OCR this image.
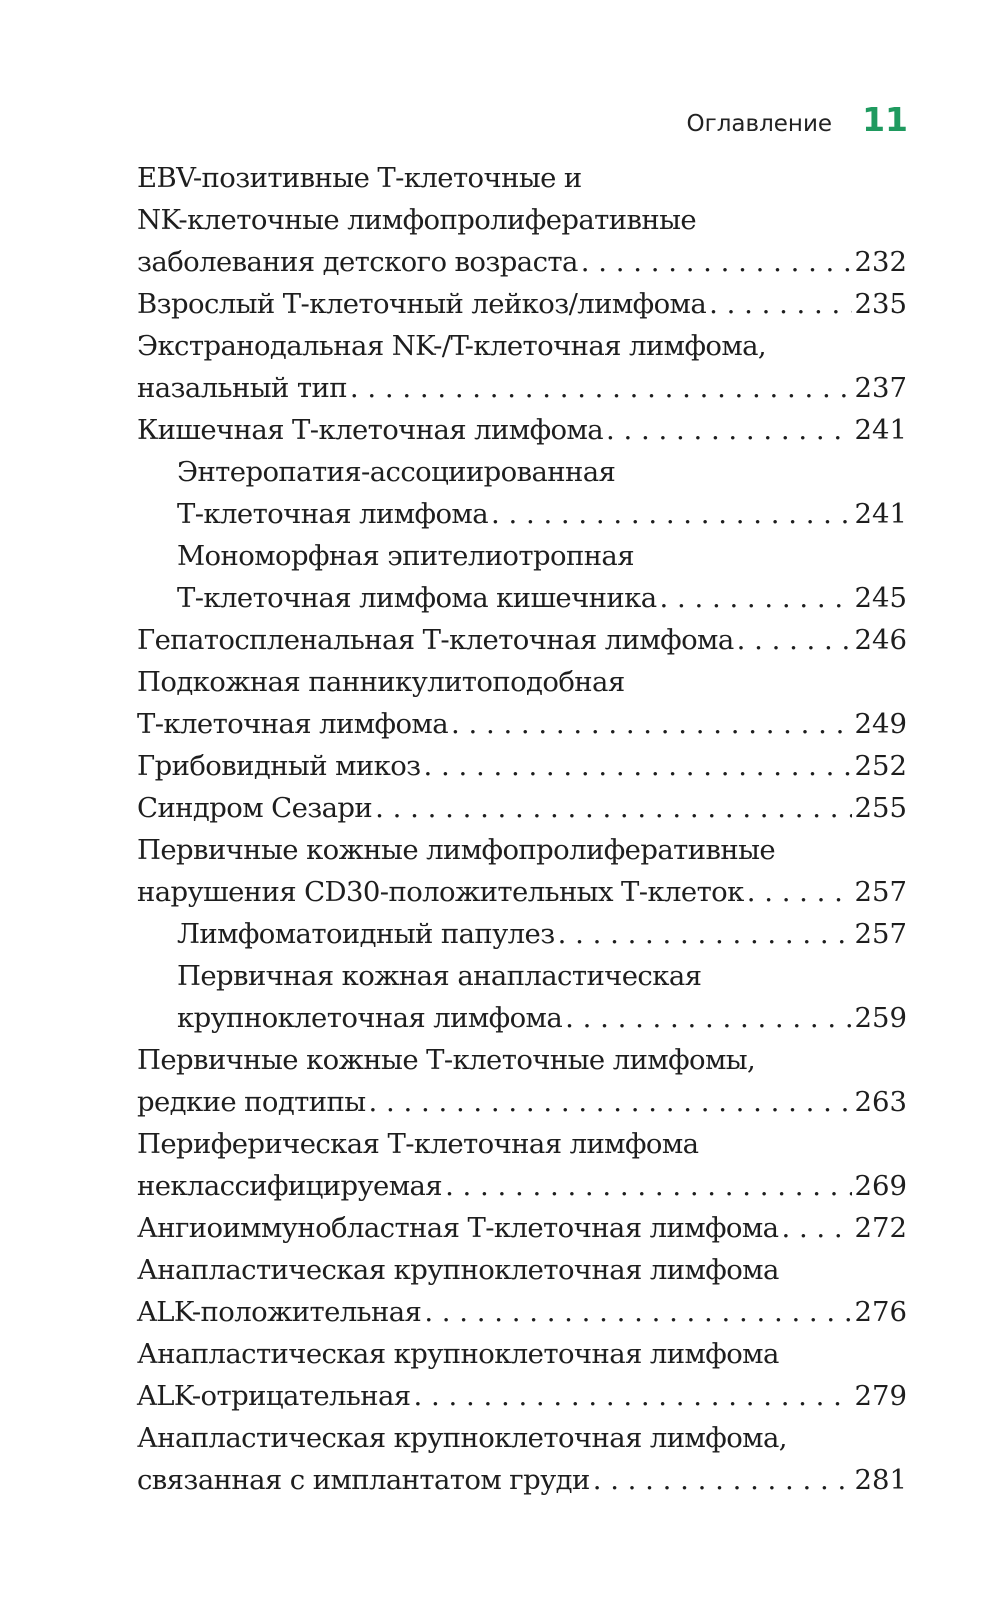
Оглавление 11
EBV-позитивные Т-клеточные и
NK-клеточные лимфопролиферативные
заболевания детского возраста . . .	232
Взрослый Т-клеточный лейкоз/лимфома . . .	235
Экстранодальная NK-/T-клеточная лимфома,
назальный тип . . .	237
Кишечная Т-клеточная лимфома . . .	241
Энтеропатия-ассоциированная
Т-клеточная лимфома . . .	241
Мономорфная эпителиотропная
Т-клеточная лимфома кишечника . . .	245
Гепатоспленальная Т-клеточная лимфома . . .	246
Подкожная панникулитоподобная
Т-клеточная лимфома . . .	249
Грибовидный микоз . . .	252
Синдром Сезари . . .	255
Первичные кожные лимфопролиферативные
нарушения CD30-положительных Т-клеток . . .	257
Лимфоматоидный папулез . . .	257
Первичная кожная анапластическая
крупноклеточная лимфома . . .	259
Первичные кожные Т-клеточные лимфомы,
редкие подтипы . . .	263
Периферическая Т-клеточная лимфома
неклассифицируемая . . .	269
Ангиоиммунобластная Т-клеточная лимфома . . .	272
Анапластическая крупноклеточная лимфома
ALK-положительная . . .	276
Анапластическая крупноклеточная лимфома
ALK-отрицательная . . .	279
Анапластическая крупноклеточная лимфома,
связанная с имплантатом груди . . .	281
